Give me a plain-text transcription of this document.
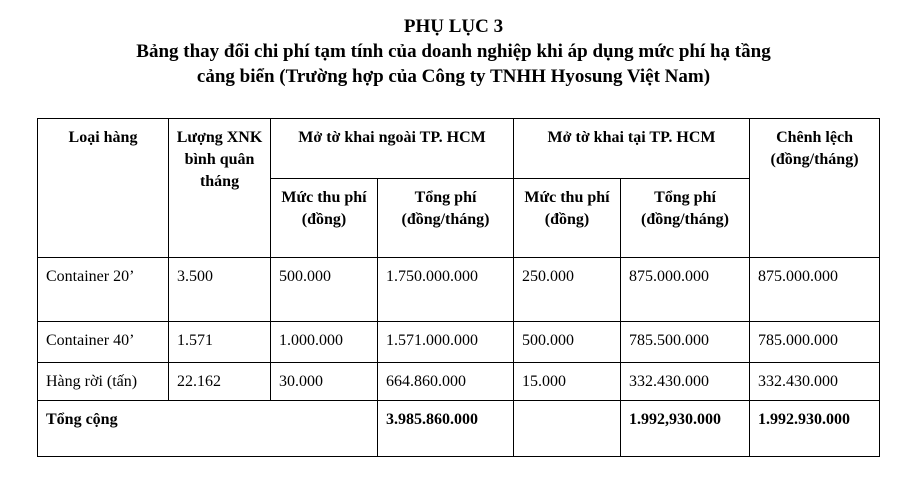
PHỤ LỤC 3
Bảng thay đổi chi phí tạm tính của doanh nghiệp khi áp dụng mức phí hạ tầng
cảng biển (Trường hợp của Công ty TNHH Hyosung Việt Nam)
Loại hàng	Lượng XNK bình quân tháng	Mở tờ khai ngoài TP. HCM		Mở tờ khai tại TP. HCM		Chênh lệch (đồng/tháng)
		Mức thu phí (đồng)	Tổng phí (đồng/tháng)	Mức thu phí (đồng)	Tổng phí (đồng/tháng)	
Container 20’	3.500	500.000	1.750.000.000	250.000	875.000.000	875.000.000
Container 40’	1.571	1.000.000	1.571.000.000	500.000	785.500.000	785.000.000
Hàng rời (tấn)	22.162	30.000	664.860.000	15.000	332.430.000	332.430.000
Tổng cộng			3.985.860.000		1.992,930.000	1.992.930.000
